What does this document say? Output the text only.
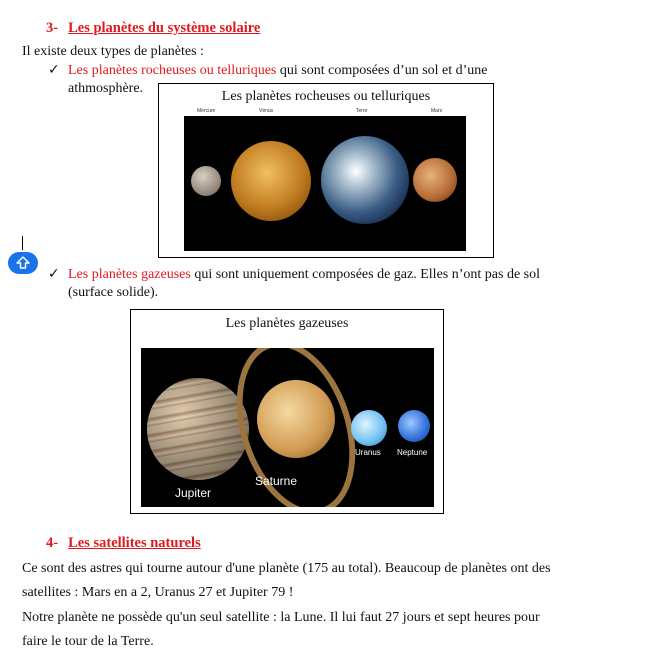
3- Les planètes du système solaire
Il existe deux types de planètes :
✓ Les planètes rocheuses ou telluriques qui sont composées d’un sol et d’une
athmosphère.
Les planètes rocheuses ou telluriques
Mercure	Vénus	Terre	Mars
✓ Les planètes gazeuses qui sont uniquement composées de gaz. Elles n’ont pas de sol
(surface solide).
Les planètes gazeuses
Jupiter
Saturne
Uranus Neptune
4- Les satellites naturels
Ce sont des astres qui tourne autour d'une planète (175 au total). Beaucoup de planètes ont des
satellites : Mars en a 2, Uranus 27 et Jupiter 79 !
Notre planète ne possède qu'un seul satellite : la Lune. Il lui faut 27 jours et sept heures pour
faire le tour de la Terre.
